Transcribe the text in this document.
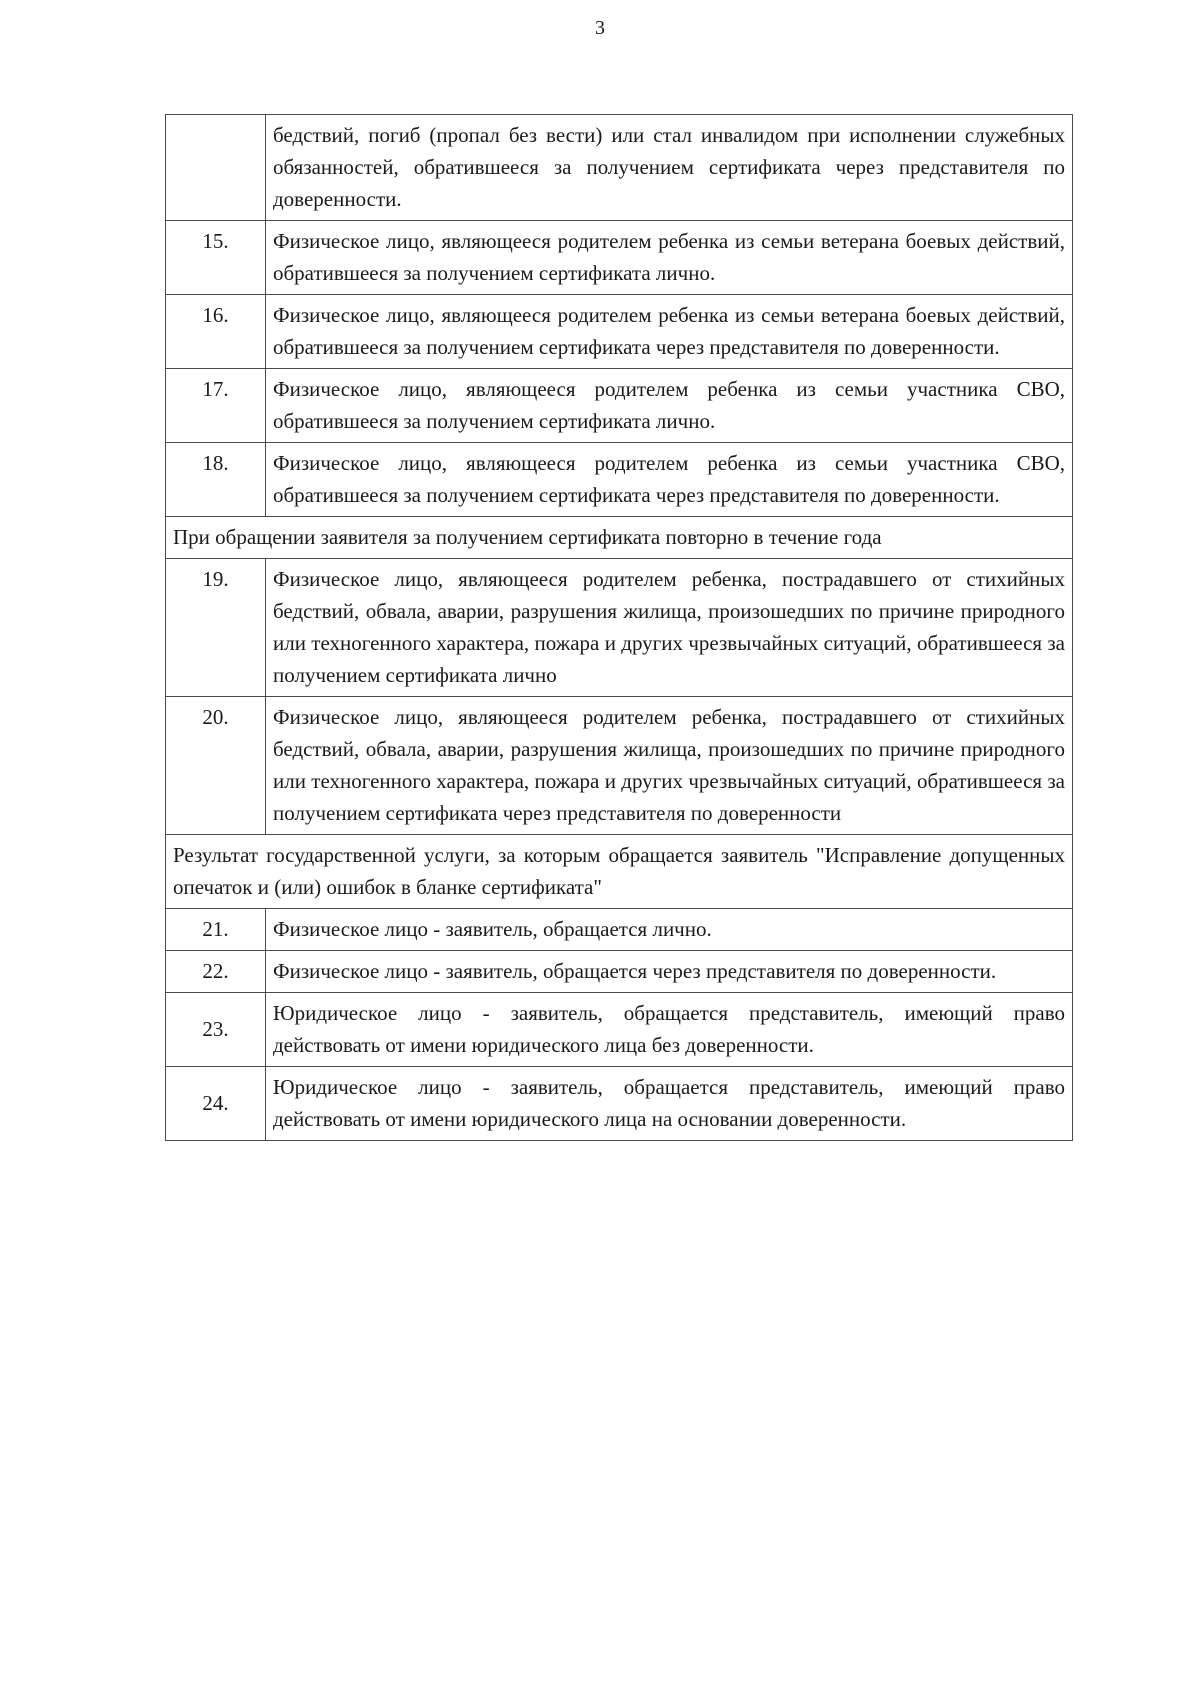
3
	бедствий, погиб (пропал без вести) или стал инвалидом при исполнении служебных обязанностей, обратившееся за получением сертификата через представителя по доверенности.
15.	Физическое лицо, являющееся родителем ребенка из семьи ветерана боевых действий, обратившееся за получением сертификата лично.
16.	Физическое лицо, являющееся родителем ребенка из семьи ветерана боевых действий, обратившееся за получением сертификата через представителя по доверенности.
17.	Физическое лицо, являющееся родителем ребенка из семьи участника СВО, обратившееся за получением сертификата лично.
18.	Физическое лицо, являющееся родителем ребенка из семьи участника СВО, обратившееся за получением сертификата через представителя по доверенности.
При обращении заявителя за получением сертификата повторно в течение года	
19.	Физическое лицо, являющееся родителем ребенка, пострадавшего от стихийных бедствий, обвала, аварии, разрушения жилища, произошедших по причине природного или техногенного характера, пожара и других чрезвычайных ситуаций, обратившееся за получением сертификата лично
20.	Физическое лицо, являющееся родителем ребенка, пострадавшего от стихийных бедствий, обвала, аварии, разрушения жилища, произошедших по причине природного или техногенного характера, пожара и других чрезвычайных ситуаций, обратившееся за получением сертификата через представителя по доверенности
Результат государственной услуги, за которым обращается заявитель "Исправление допущенных опечаток и (или) ошибок в бланке сертификата"	
21.	Физическое лицо - заявитель, обращается лично.
22.	Физическое лицо - заявитель, обращается через представителя по доверенности.
23.	Юридическое лицо - заявитель, обращается представитель, имеющий право действовать от имени юридического лица без доверенности.
24.	Юридическое лицо - заявитель, обращается представитель, имеющий право действовать от имени юридического лица на основании доверенности.
